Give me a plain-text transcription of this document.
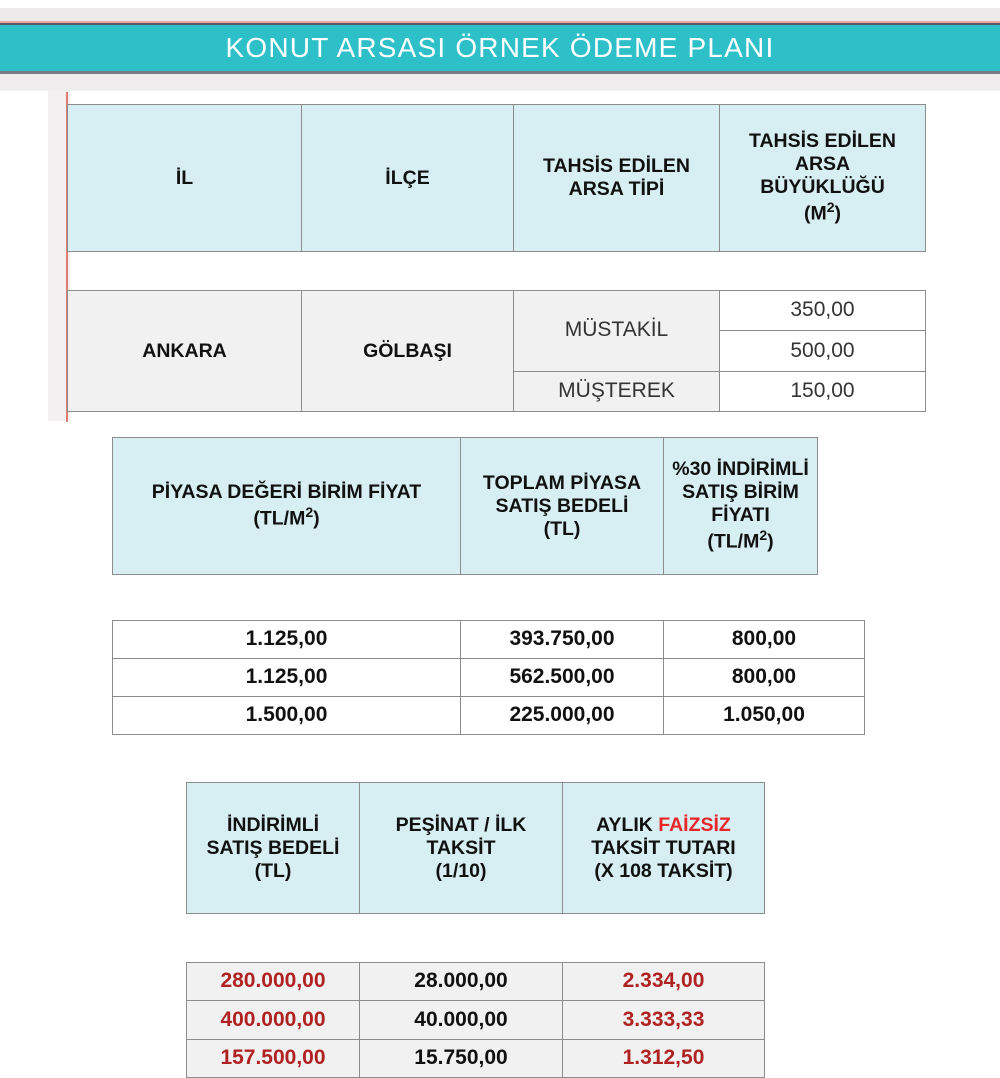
KONUT ARSASI ÖRNEK ÖDEME PLANI
İL	İLÇE	
TAHSİS EDİLEN
ARSA TİPİ

TAHSİS EDİLEN
ARSA
BÜYÜKLÜĞÜ
$(M^2)$
ANKARA	GÖLBAŞI	MÜSTAKİL	350,00
			500,00
		MÜŞTEREK	150,00
PİYASA DEĞERİ BİRİM FİYAT
$(TL/M^2)$

TOPLAM PİYASA
SATIŞ BEDELİ
(TL)

%30 İNDİRİMLİ
SATIŞ BİRİM
FİYATI
$(TL/M^2)$
1.125,00	393.750,00	800,00
1.125,00	562.500,00	800,00
1.500,00	225.000,00	1.050,00
İNDİRİMLİ
SATIŞ BEDELİ
(TL)

PEŞİNAT / İLK
TAKSİT
(1/10)

AYLIK FAİZSİZ
TAKSİT TUTARI
(X 108 TAKSİT)
280.000,00	28.000,00	2.334,00
400.000,00	40.000,00	3.333,33
157.500,00	15.750,00	1.312,50
